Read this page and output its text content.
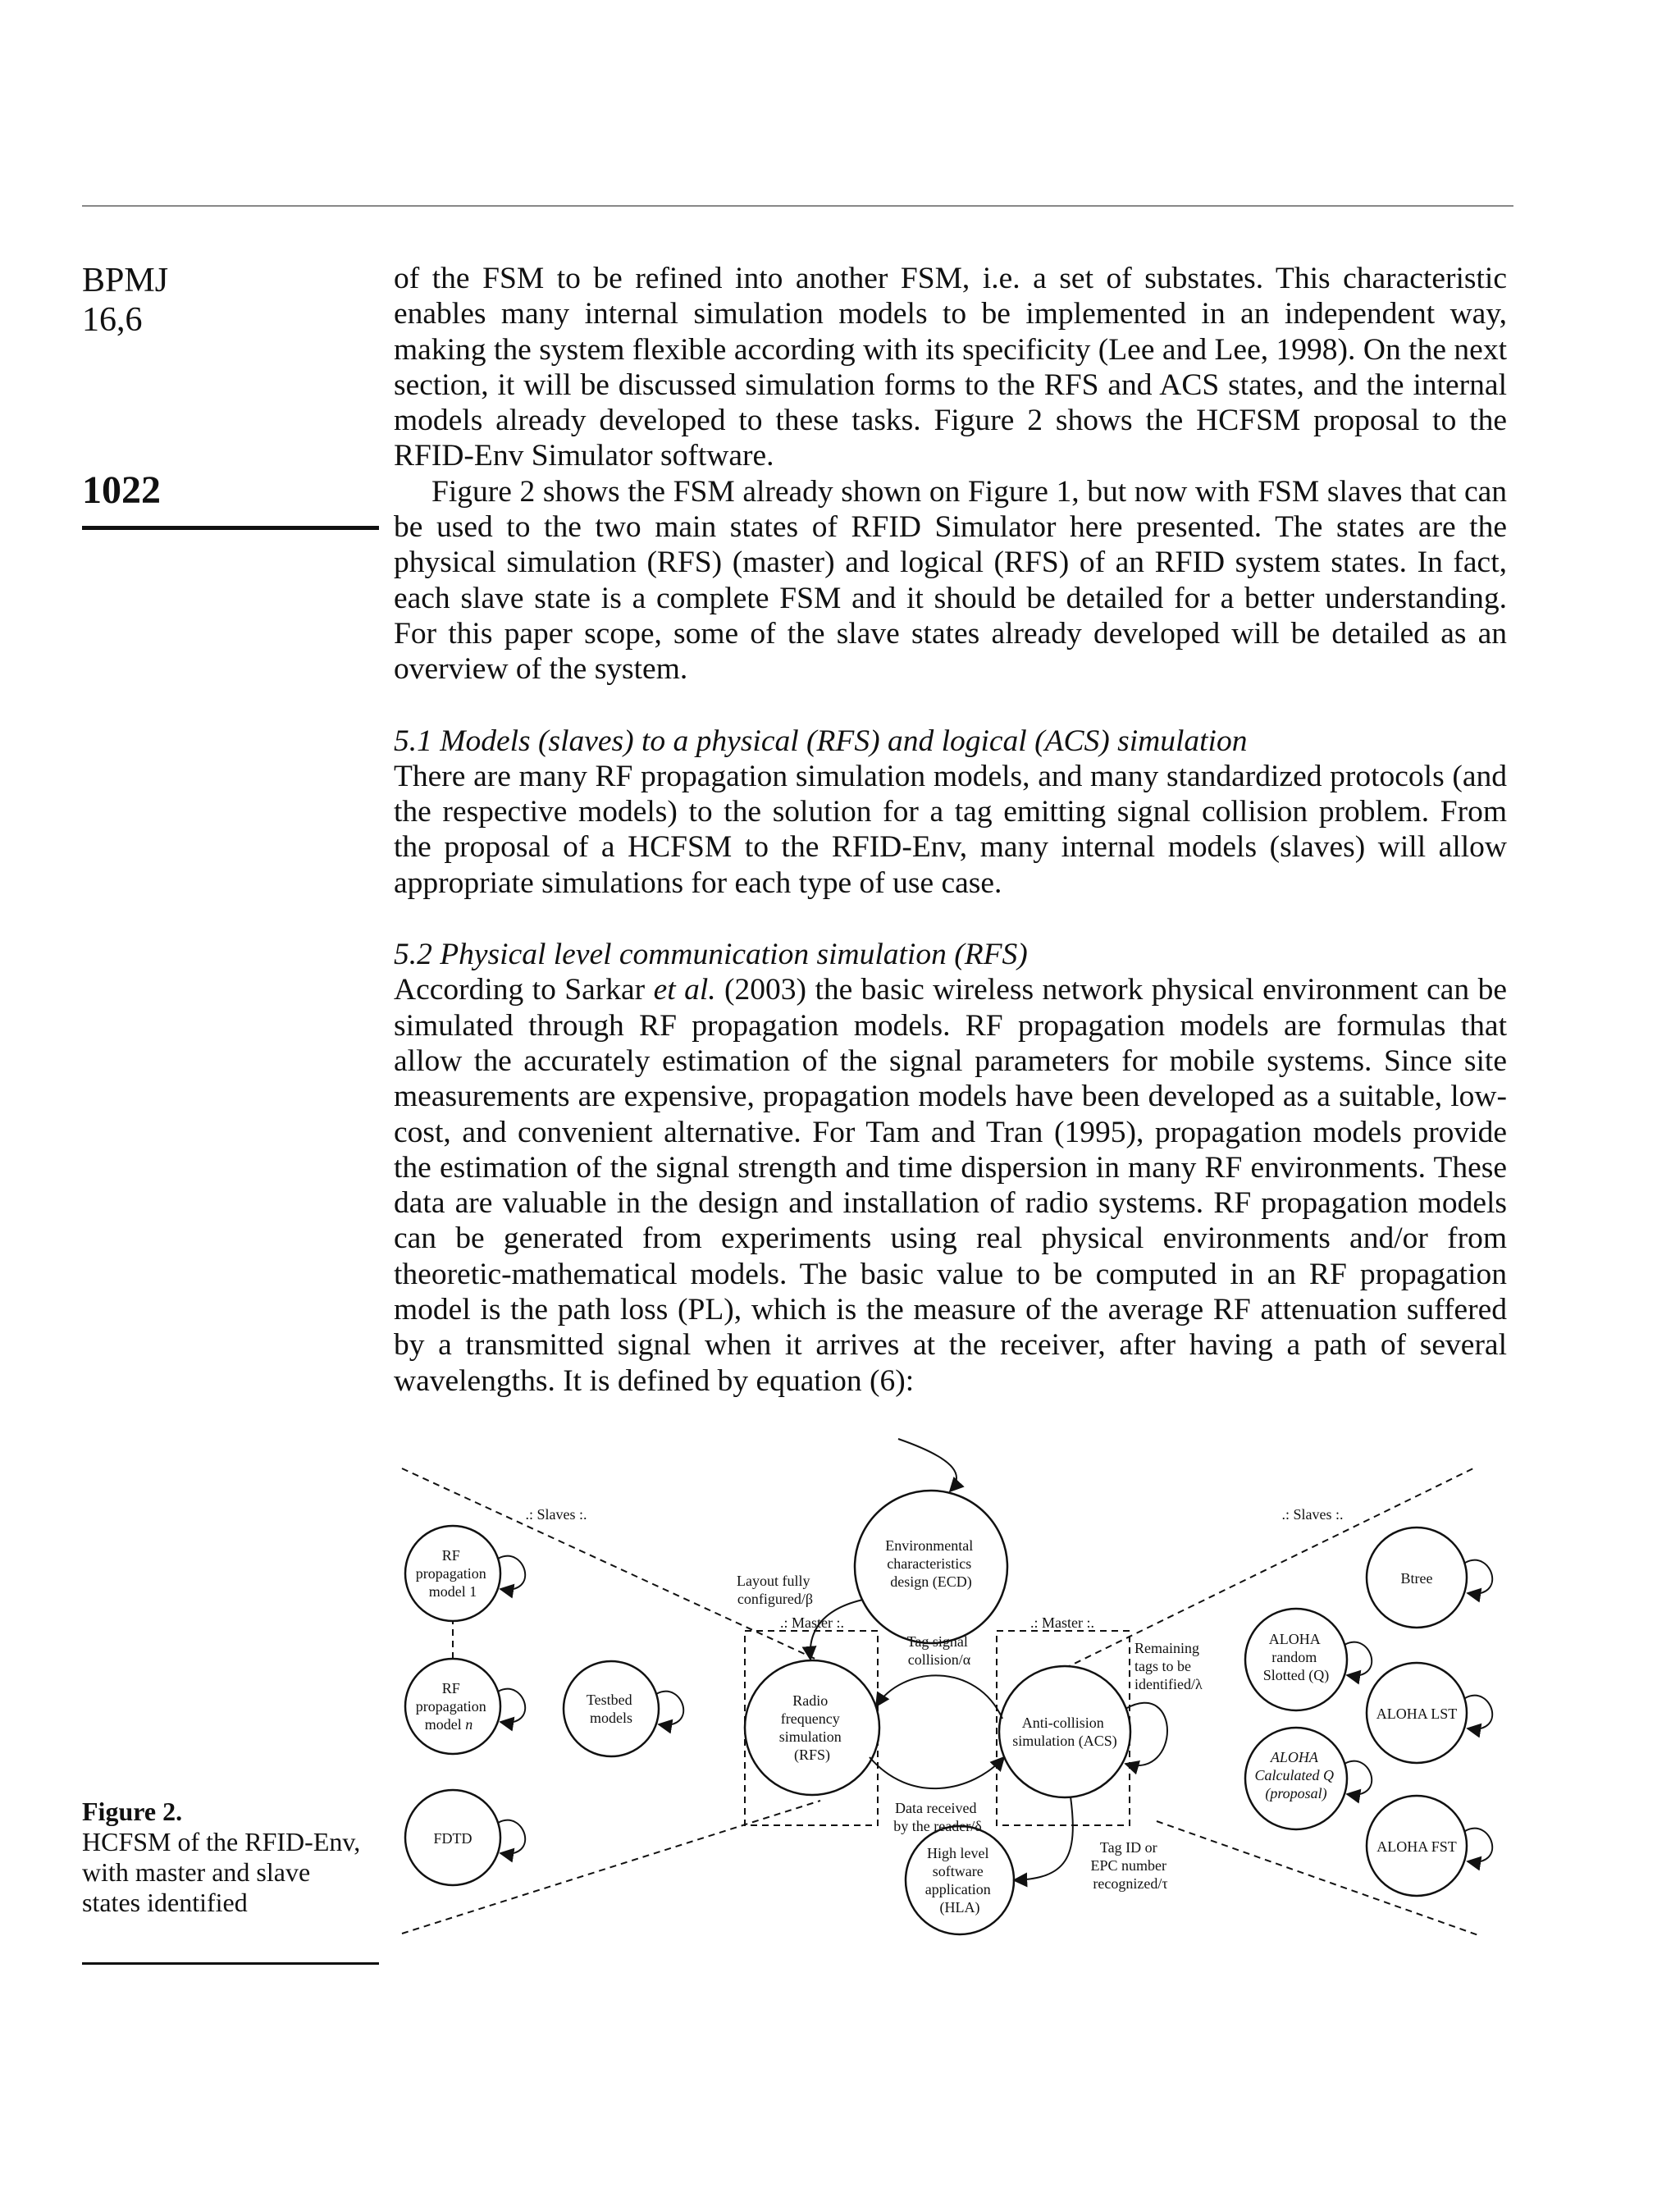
BPMJ
16,6
1022

of the FSM to be refined into another FSM, i.e. a set of substates. This characteristic enables many internal simulation models to be implemented in an independent way, making the system flexible according with its specificity (Lee and Lee, 1998). On the next section, it will be discussed simulation forms to the RFS and ACS states, and the internal models already developed to these tasks. Figure 2 shows the HCFSM proposal to the RFID-Env Simulator software.

Figure 2 shows the FSM already shown on Figure 1, but now with FSM slaves that can be used to the two main states of RFID Simulator here presented. The states are the physical simulation (RFS) (master) and logical (RFS) of an RFID system states. In fact, each slave state is a complete FSM and it should be detailed for a better understanding. For this paper scope, some of the slave states already developed will be detailed as an overview of the system.

5.1 Models (slaves) to a physical (RFS) and logical (ACS) simulation

There are many RF propagation simulation models, and many standardized protocols (and the respective models) to the solution for a tag emitting signal collision problem. From the proposal of a HCFSM to the RFID-Env, many internal models (slaves) will allow appropriate simulations for each type of use case.

5.2 Physical level communication simulation (RFS)

According to Sarkar et al. (2003) the basic wireless network physical environment can be simulated through RF propagation models. RF propagation models are formulas that allow the accurately estimation of the signal parameters for mobile systems. Since site measurements are expensive, propagation models have been developed as a suitable, low-cost, and convenient alternative. For Tam and Tran (1995), propagation models provide the estimation of the signal strength and time dispersion in many RF environments. These data are valuable in the design and installation of radio systems. RF propagation models can be generated from experiments using real physical environments and/or from theoretic-mathematical models. The basic value to be computed in an RF propagation model is the path loss (PL), which is the measure of the average RF attenuation suffered by a transmitted signal when it arrives at the receiver, after having a path of several wavelengths. It is defined by equation (6):

Figure 2.
HCFSM of the RFID-Env,
with master and slave
states identified
.: Slaves :.	.: Slaves :.
.: Master :.	.: Master :.
RF propagation model 1
RF propagation model n
Testbed models
FDTD
Environmental characteristics design (ECD)
Radio frequency simulation (RFS)
Anti-collision simulation (ACS)
High level software application (HLA)
Btree
ALOHA random Slotted (Q)
ALOHA LST
ALOHA Calculated Q (proposal)
ALOHA FST
Layout fully configured/β
Tag signal collision/α
Remaining tags to be identified/λ
Data received by the reader/δ
Tag ID or EPC number recognized/τ
